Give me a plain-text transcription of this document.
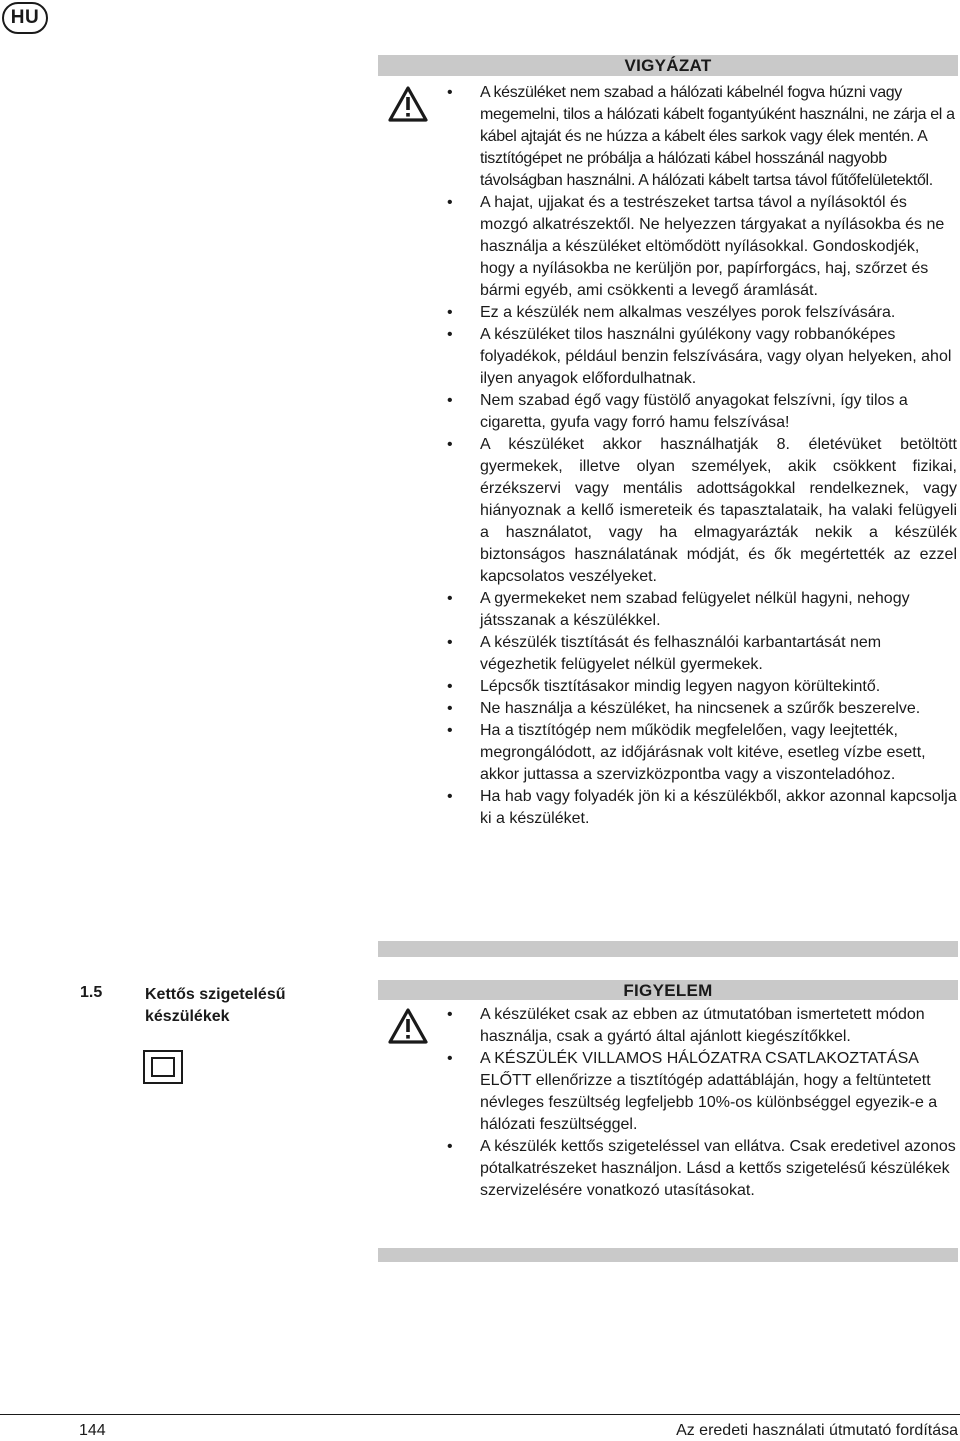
HU
VIGYÁZAT
• A készüléket nem szabad a hálózati kábelnél fogva húzni vagy megemelni, tilos a hálózati kábelt fogantyúként használni, ne zárja el a kábel ajtaját és ne húzza a kábelt éles sarkok vagy élek mentén. A tisztítógépet ne próbálja a hálózati kábel hosszánál nagyobb távolságban használni. A hálózati kábelt tartsa távol fűtőfelületektől.
• A hajat, ujjakat és a testrészeket tartsa távol a nyílásoktól és mozgó alkatrészektől. Ne helyezzen tárgyakat a nyílásokba és ne használja a készüléket eltömődött nyílásokkal. Gondoskodjék, hogy a nyílásokba ne kerüljön por, papírforgács, haj, szőrzet és bármi egyéb, ami csökkenti a levegő áramlását.
• Ez a készülék nem alkalmas veszélyes porok felszívására.
• A készüléket tilos használni gyúlékony vagy robbanóképes folyadékok, például benzin felszívására, vagy olyan helyeken, ahol ilyen anyagok előfordulhatnak.
• Nem szabad égő vagy füstölő anyagokat felszívni, így tilos a cigaretta, gyufa vagy forró hamu felszívása!
• A készüléket akkor használhatják 8. életévüket betöltött gyermekek, illetve olyan személyek, akik csökkent fizikai, érzékszervi vagy mentális adottságokkal rendelkeznek, vagy hiányoznak a kellő ismereteik és tapasztalataik, ha valaki felügyeli a használatot, vagy ha elmagyarázták nekik a készülék biztonságos használatának módját, és ők megértették az ezzel kapcsolatos veszélyeket.
• A gyermekeket nem szabad felügyelet nélkül hagyni, nehogy játsszanak a készülékkel.
• A készülék tisztítását és felhasználói karbantartását nem végezhetik felügyelet nélkül gyermekek.
• Lépcsők tisztításakor mindig legyen nagyon körültekintő.
• Ne használja a készüléket, ha nincsenek a szűrők beszerelve.
• Ha a tisztítógép nem működik megfelelően, vagy leejtették, megrongálódott, az időjárásnak volt kitéve, esetleg vízbe esett, akkor juttassa a szervizközpontba vagy a viszonteladóhoz.
• Ha hab vagy folyadék jön ki a készülékből, akkor azonnal kapcsolja ki a készüléket.
1.5	Kettős szigetelésű készülékek
FIGYELEM
• A készüléket csak az ebben az útmutatóban ismertetett módon használja, csak a gyártó által ajánlott kiegészítőkkel.
• A KÉSZÜLÉK VILLAMOS HÁLÓZATRA CSATLAKOZTATÁSA ELŐTT ellenőrizze a tisztítógép adattábláján, hogy a feltüntetett névleges feszültség legfeljebb 10%-os különbséggel egyezik-e a hálózati feszültséggel.
• A készülék kettős szigeteléssel van ellátva. Csak eredetivel azonos pótalkatrészeket használjon. Lásd a kettős szigetelésű készülékek szervizelésére vonatkozó utasításokat.
144	Az eredeti használati útmutató fordítása
